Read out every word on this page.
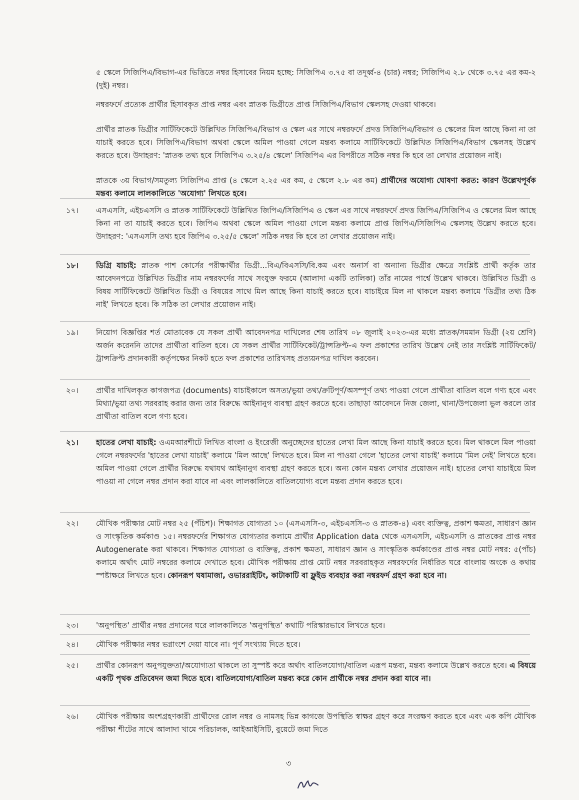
৫ স্কেলে সিজিপিএ/বিভাগ-এর ভিত্তিতে নম্বর হিসাবের নিয়ম হচ্ছে: সিজিপিএ ৩.৭৫ বা তদূর্ধ্ব-৪ (চার) নম্বর; সিজিপিএ ২.৮ থেকে ৩.৭৫ এর কম-২ (দুই) নম্বর।

নম্বরফর্দে প্রত্যেক প্রার্থীর হিসাবকৃত প্রাপ্ত নম্বর এবং স্নাতক ডিগ্রীতে প্রাপ্ত সিজিপিএ/বিভাগ স্কেলসহ দেওয়া থাকবে।

প্রার্থীর স্নাতক ডিগ্রীর সার্টিফিকেটে উল্লিখিত সিজিপিএ/বিভাগ ও স্কেল এর সাথে নম্বরফর্দে প্রদত্ত সিজিপিএ/বিভাগ ও স্কেলের মিল আছে কিনা না তা যাচাই করতে হবে। সিজিপিএ/বিভাগ অথবা স্কেলে অমিল পাওয়া গেলে মন্তব্য কলামে সার্টিফিকেটে উল্লিখিত সিজিপিএ/বিভাগ স্কেলসহ উল্লেখ করতে হবে। উদাহরণ: 'স্নাতক তথ্য হবে সিজিপিএ ৩.২৫/৪ স্কেলে' সিজিপিএ এর বিপরীতে সঠিক নম্বর কি হবে তা লেখার প্রয়োজন নাই।

স্নাতকে ৩য় বিভাগ/সমতুল্য সিজিপিএ প্রাপ্ত (৪ স্কেলে ২.২৫ এর কম, ৫ স্কেলে ২.৮ এর কম) প্রার্থীদের অযোগ্য ঘোষণা করত: কারণ উল্লেখপূর্বক মন্তব্য কলামে লালকালিতে 'অযোগ্য' লিখতে হবে।

১৭। এসএসসি, এইচএসসি ও স্নাতক সার্টিফিকেটে উল্লিখিত জিপিএ/সিজিপিএ ও স্কেল এর সাথে নম্বরফর্দে প্রদত্ত জিপিএ/সিজিপিএ ও স্কেলের মিল আছে কিনা না তা যাচাই করতে হবে। জিপিএ অথবা স্কেলে অমিল পাওয়া গেলে মন্তব্য কলামে প্রাপ্ত জিপিএ/সিজিপিএ স্কেলসহ উল্লেখ করতে হবে। উদাহরণ: 'এসএসসি তথ্য হবে জিপিএ ৩.২৫/৫ স্কেলে' সঠিক নম্বর কি হবে তা লেখার প্রয়োজন নাই।

১৮। ডিগ্রি যাচাই: স্নাতক পাশ কোর্সের পরীক্ষার্থীর ডিগ্রী...বিএ/বিএসসি/বি.কম এবং অনার্স বা অন্যান্য ডিগ্রীর ক্ষেত্রে সংশ্লিষ্ট প্রার্থী কর্তৃক তার আবেদনপত্রে উল্লিখিত ডিগ্রীর নাম নম্বরফর্দের সাথে সংযুক্ত ফরমে (আলাদা একটি তালিকা) তাঁর নামের পার্শ্বে উল্লেখ থাকবে। উল্লিখিত ডিগ্রী ও বিষয় সার্টিফিকেটে উল্লিখিত ডিগ্রী ও বিষয়ের সাথে মিল আছে কিনা যাচাই করতে হবে। যাচাইয়ে মিল না থাকলে মন্তব্য কলামে 'ডিগ্রীর তথ্য ঠিক নাই' লিখতে হবে। কি সঠিক তা লেখার প্রয়োজন নাই।

১৯। নিয়োগ বিজ্ঞপ্তির শর্ত মোতাবেক যে সকল প্রার্থী আবেদনপত্র দাখিলের শেষ তারিখ ০৮ জুলাই ২০২৩-এর মধ্যে স্নাতক/সমমান ডিগ্রী (২য় শ্রেণি) অর্জন করেননি তাদের প্রার্থীতা বাতিল হবে। যে সকল প্রার্থীর সার্টিফিকেট/ট্রান্সক্রিপ্ট-এ ফল প্রকাশের তারিখ উল্লেখ নেই তার সংশ্লিষ্ট সার্টিফিকেট/ট্রান্সক্রিপ্ট প্রদানকারী কর্তৃপক্ষের নিকট হতে ফল প্রকাশের তারিখসহ প্রত্যয়নপত্র দাখিল করবেন।

২০। প্রার্থীর দাখিলকৃত কাগজপত্র (documents) যাচাইকালে অসত্য/ভুয়া তথ্য/ক্রটিপূর্ণ/অসম্পূর্ণ তথ্য পাওয়া গেলে প্রার্থীতা বাতিল বলে গণ্য হবে এবং মিথ্যা/ভুয়া তথ্য সরবরাহ করার জন্য তার বিরুদ্ধে আইনানুগ ব্যবস্থা গ্রহণ করতে হবে। তাছাড়া আবেদনে নিজ জেলা, থানা/উপজেলা ভুল করলে তার প্রার্থীতা বাতিল বলে গণ্য হবে।

২১। হাতের লেখা যাচাই: ওএমআরশীটে লিখিত বাংলা ও ইংরেজী অনুচ্ছেদের হাতের লেখা মিল আছে কিনা যাচাই করতে হবে। মিল থাকলে মিল পাওয়া গেলে নম্বরফর্দের 'হাতের লেখা যাচাই' কলামে 'মিল আছে' লিখতে হবে। মিল না পাওয়া গেলে 'হাতের লেখা যাচাই' কলামে 'মিল নেই' লিখতে হবে। অমিল পাওয়া গেলে প্রার্থীর বিরুদ্ধে যথাযথ আইনানুগ ব্যবস্থা গ্রহণ করতে হবে। অন্য কোন মন্তব্য লেখার প্রয়োজন নাই। হাতের লেখা যাচাইয়ে মিল পাওয়া না গেলে নম্বর প্রদান করা যাবে না এবং লালকালিতে বাতিলযোগ্য বলে মন্তব্য প্রদান করতে হবে।

২২। মৌখিক পরীক্ষার মোট নম্বর ২৫ (পঁচিশ)। শিক্ষাগত যোগ্যতা ১০ (এসএসসি-৩, এইচএসসি-৩ ও স্নাতক-৪) এবং ব্যক্তিত্ব, প্রকাশ ক্ষমতা, সাধারণ জ্ঞান ও সাংস্কৃতিক কর্মকাণ্ড ১৫। নম্বরফর্দের শিক্ষাগত যোগ্যতার কলামে প্রার্থীর Application data থেকে এসএসসি, এইচএসসি ও স্নাতকের প্রাপ্ত নম্বর Autogenerate করা থাকবে। শিক্ষাগত যোগ্যতা ও ব্যক্তিত্ব, প্রকাশ ক্ষমতা, সাধারণ জ্ঞান ও সাংস্কৃতিক কর্মকাণ্ডের প্রাপ্ত নম্বর মোট নম্বর: ৫(পাঁচ) কলামে অর্থাৎ মোট নম্বরের কলামে দেখাতে হবে। মৌখিক পরীক্ষায় প্রাপ্ত মোট নম্বর সরবরাহকৃত নম্বরফর্দের নির্ধারিত ঘরে বাংলায় অংকে ও কথায় স্পষ্টাক্ষরে লিখতে হবে। কোনরূপ ঘষামাজা, ওভাররাইটিং, কাটাকাটি বা ফ্লুইড ব্যবহার করা নম্বরফর্দ গ্রহণ করা হবে না।

২৩। 'অনুপস্থিত' প্রার্থীর নম্বর প্রদানের ঘরে লালকালিতে 'অনুপস্থিত' কথাটি পরিস্কারভাবে লিখতে হবে।

২৪। মৌখিক পরীক্ষার নম্বর ভগ্নাংশে দেয়া যাবে না। পূর্ণ সংখ্যায় দিতে হবে।

২৫। প্রার্থীর কোনরূপ অনুপযুক্ততা/অযোগ্যতা থাকলে তা সুস্পষ্ট করে অর্থাৎ বাতিলযোগ্য/বাতিল এরূপ মন্তব্য, মন্তব্য কলামে উল্লেখ করতে হবে। এ বিষয়ে একটি পৃথক প্রতিবেদন জমা দিতে হবে। বাতিলযোগ্য/বাতিল মন্তব্য করে কোন প্রার্থীকে নম্বর প্রদান করা যাবে না।

২৬। মৌখিক পরীক্ষায় অংশগ্রহণকারী প্রার্থীদের রোল নম্বর ও নামসহ ভিন্ন কাগজে উপস্থিতি স্বাক্ষর গ্রহণ করে সংরক্ষণ করতে হবে এবং এক কপি মৌখিক পরীক্ষা শীটের সাথে আলাদা খামে পরিচালক, আইআইসিটি, বুয়েটে জমা দিতে

৩
